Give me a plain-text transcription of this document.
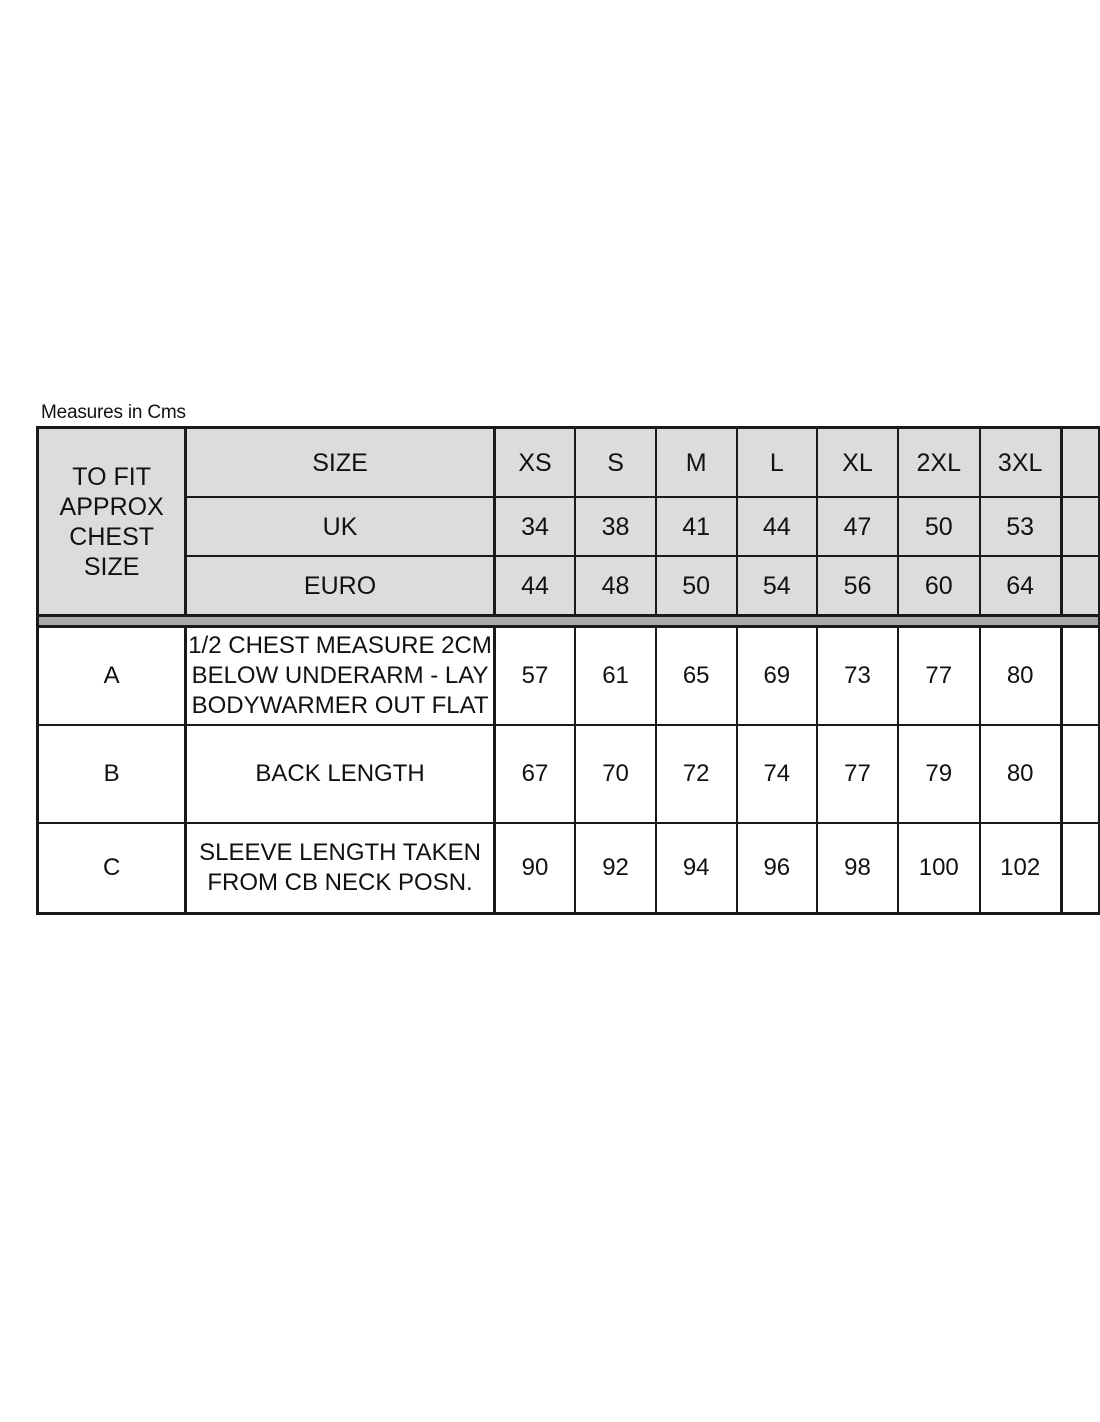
Measures in Cms
TO FIT APPROX CHEST SIZE	SIZE	XS	S	M	L	XL	2XL	3XL	
	UK	34	38	41	44	47	50	53	
	EURO	44	48	50	54	56	60	64	

A	1/2 CHEST MEASURE 2CM BELOW UNDERARM - LAY BODYWARMER OUT FLAT	57	61	65	69	73	77	80	
B	BACK LENGTH	67	70	72	74	77	79	80	
C	SLEEVE LENGTH TAKEN FROM CB NECK POSN.	90	92	94	96	98	100	102	
